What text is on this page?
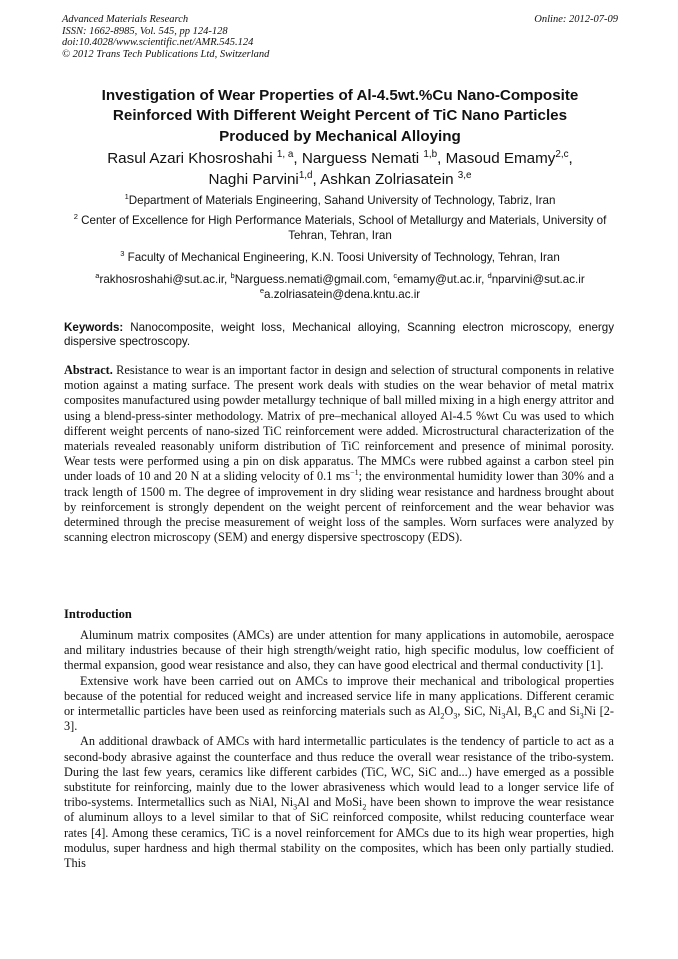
Advanced Materials Research
ISSN: 1662-8985, Vol. 545, pp 124-128
doi:10.4028/www.scientific.net/AMR.545.124
© 2012 Trans Tech Publications Ltd, Switzerland
Online: 2012-07-09
Investigation of Wear Properties of Al-4.5wt.%Cu Nano-Composite
Reinforced With Different Weight Percent of TiC Nano Particles
Produced by Mechanical Alloying
Rasul Azari Khosroshahi $^{1, a}$, Narguess Nemati $^{1,b}$, Masoud Emamy$^{2,c}$,
Naghi Parvini$^{1,d}$, Ashkan Zolriasatein $^{3,e}$
$^1$Department of Materials Engineering, Sahand University of Technology, Tabriz, Iran
$^2$ Center of Excellence for High Performance Materials, School of Metallurgy and Materials, University of Tehran, Tehran, Iran
$^3$ Faculty of Mechanical Engineering, K.N. Toosi University of Technology, Tehran, Iran
$^a$rakhosroshahi@sut.ac.ir, $^b$Narguess.nemati@gmail.com, $^c$emamy@ut.ac.ir, $^d$nparvini@sut.ac.ir
$^e$a.zolriasatein@dena.kntu.ac.ir
Keywords: Nanocomposite, weight loss, Mechanical alloying, Scanning electron microscopy, energy dispersive spectroscopy.
Abstract. Resistance to wear is an important factor in design and selection of structural components in relative motion against a mating surface. The present work deals with studies on the wear behavior of metal matrix composites manufactured using powder metallurgy technique of ball milled mixing in a high energy attritor and using a blend-press-sinter methodology. Matrix of pre–mechanical alloyed Al-4.5 %wt Cu was used to which different weight percents of nano-sized TiC reinforcement were added. Microstructural characterization of the materials revealed reasonably uniform distribution of TiC reinforcement and presence of minimal porosity. Wear tests were performed using a pin on disk apparatus. The MMCs were rubbed against a carbon steel pin under loads of 10 and 20 N at a sliding velocity of 0.1 $ms^{-1}$; the environmental humidity lower than 30% and a track length of 1500 m. The degree of improvement in dry sliding wear resistance and hardness brought about by reinforcement is strongly dependent on the weight percent of reinforcement and the wear behavior was determined through the precise measurement of weight loss of the samples. Worn surfaces were analyzed by scanning electron microscopy (SEM) and energy dispersive spectroscopy (EDS).
Introduction

Aluminum matrix composites (AMCs) are under attention for many applications in automobile, aerospace and military industries because of their high strength/weight ratio, high specific modulus, low coefficient of thermal expansion, good wear resistance and also, they can have good electrical and thermal conductivity [1].

Extensive work have been carried out on AMCs to improve their mechanical and tribological properties because of the potential for reduced weight and increased service life in many applications. Different ceramic or intermetallic particles have been used as reinforcing materials such as $Al_2O_3$, SiC, $Ni_3Al$, $B_4C$ and $Si_3Ni$ [2-3].

An additional drawback of AMCs with hard intermetallic particulates is the tendency of particle to act as a second-body abrasive against the counterface and thus reduce the overall wear resistance of the tribo-system. During the last few years, ceramics like different carbides (TiC, WC, SiC and...) have emerged as a possible substitute for reinforcing, mainly due to the lower abrasiveness which would lead to a longer service life of tribo-systems. Intermetallics such as NiAl, $Ni_3Al$ and MoSi$_2$ have been shown to improve the wear resistance of aluminum alloys to a level similar to that of SiC reinforced composite, whilst reducing counterface wear rates [4]. Among these ceramics, TiC is a novel reinforcement for AMCs due to its high wear properties, high modulus, super hardness and high thermal stability on the composites, which has been only partially studied. This
